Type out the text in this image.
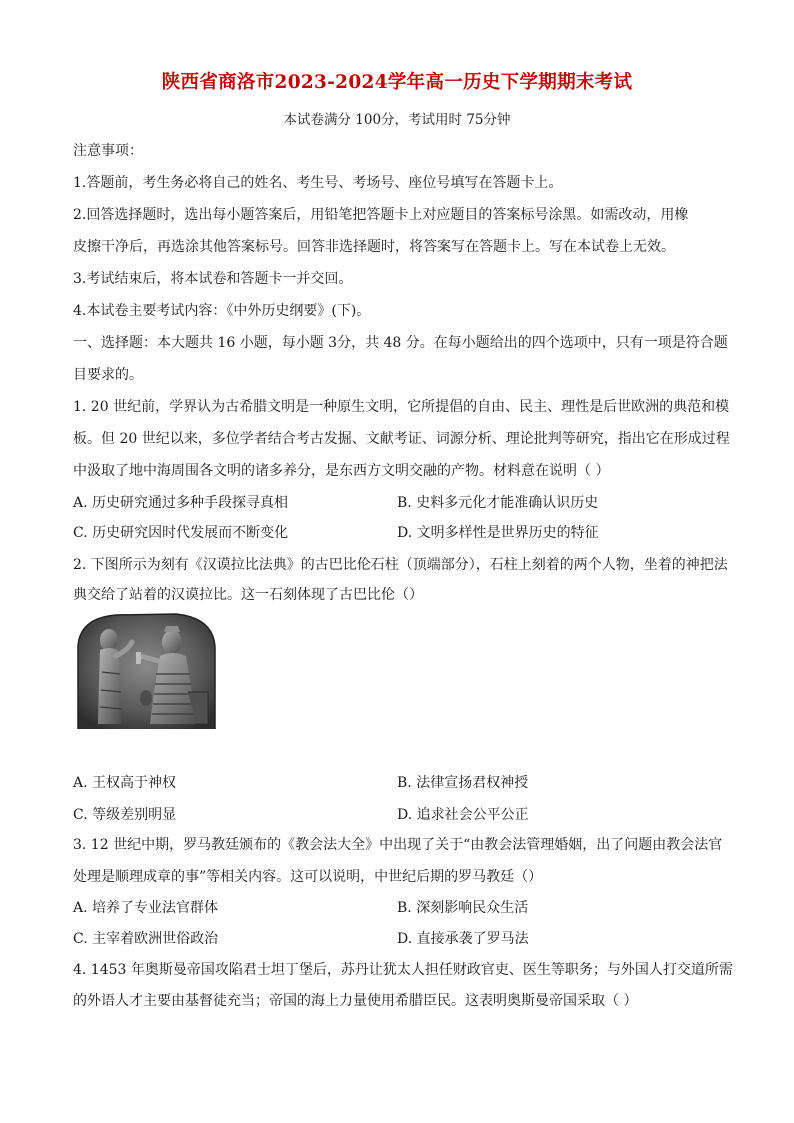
陕西省商洛市2023-2024学年高一历史下学期期末考试
本试卷满分 100分，考试用时 75分钟
注意事项：
1.答题前，考生务必将自己的姓名、考生号、考场号、座位号填写在答题卡上。
2.回答选择题时，选出每小题答案后，用铅笔把答题卡上对应题目的答案标号涂黑。如需改动，用橡
皮擦干净后，再选涂其他答案标号。回答非选择题时，将答案写在答题卡上。写在本试卷上无效。
3.考试结束后，将本试卷和答题卡一并交回。
4.本试卷主要考试内容：《中外历史纲要》(下)。
一、选择题：本大题共 16 小题，每小题 3分，共 48 分。在每小题给出的四个选项中，只有一项是符合题
目要求的。
1. 20 世纪前，学界认为古希腊文明是一种原生文明，它所提倡的自由、民主、理性是后世欧洲的典范和模
板。但 20 世纪以来，多位学者结合考古发掘、文献考证、词源分析、理论批判等研究，指出它在形成过程
中汲取了地中海周围各文明的诸多养分，是东西方文明交融的产物。材料意在说明（ ）
A. 历史研究通过多种手段探寻真相	B. 史料多元化才能准确认识历史
C. 历史研究因时代发展而不断变化	D. 文明多样性是世界历史的特征
2. 下图所示为刻有《汉谟拉比法典》的古巴比伦石柱（顶端部分），石柱上刻着的两个人物，坐着的神把法
典交给了站着的汉谟拉比。这一石刻体现了古巴比伦（）
A. 王权高于神权	B. 法律宣扬君权神授
C. 等级差别明显	D. 追求社会公平公正
3. 12 世纪中期，罗马教廷颁布的《教会法大全》中出现了关于“由教会法管理婚姻，出了问题由教会法官
处理是顺理成章的事”等相关内容。这可以说明，中世纪后期的罗马教廷（）
A. 培养了专业法官群体	B. 深刻影响民众生活
C. 主宰着欧洲世俗政治	D. 直接承袭了罗马法
4. 1453 年奥斯曼帝国攻陷君士坦丁堡后，苏丹让犹太人担任财政官吏、医生等职务；与外国人打交道所需
的外语人才主要由基督徒充当；帝国的海上力量使用希腊臣民。这表明奥斯曼帝国采取（ ）
